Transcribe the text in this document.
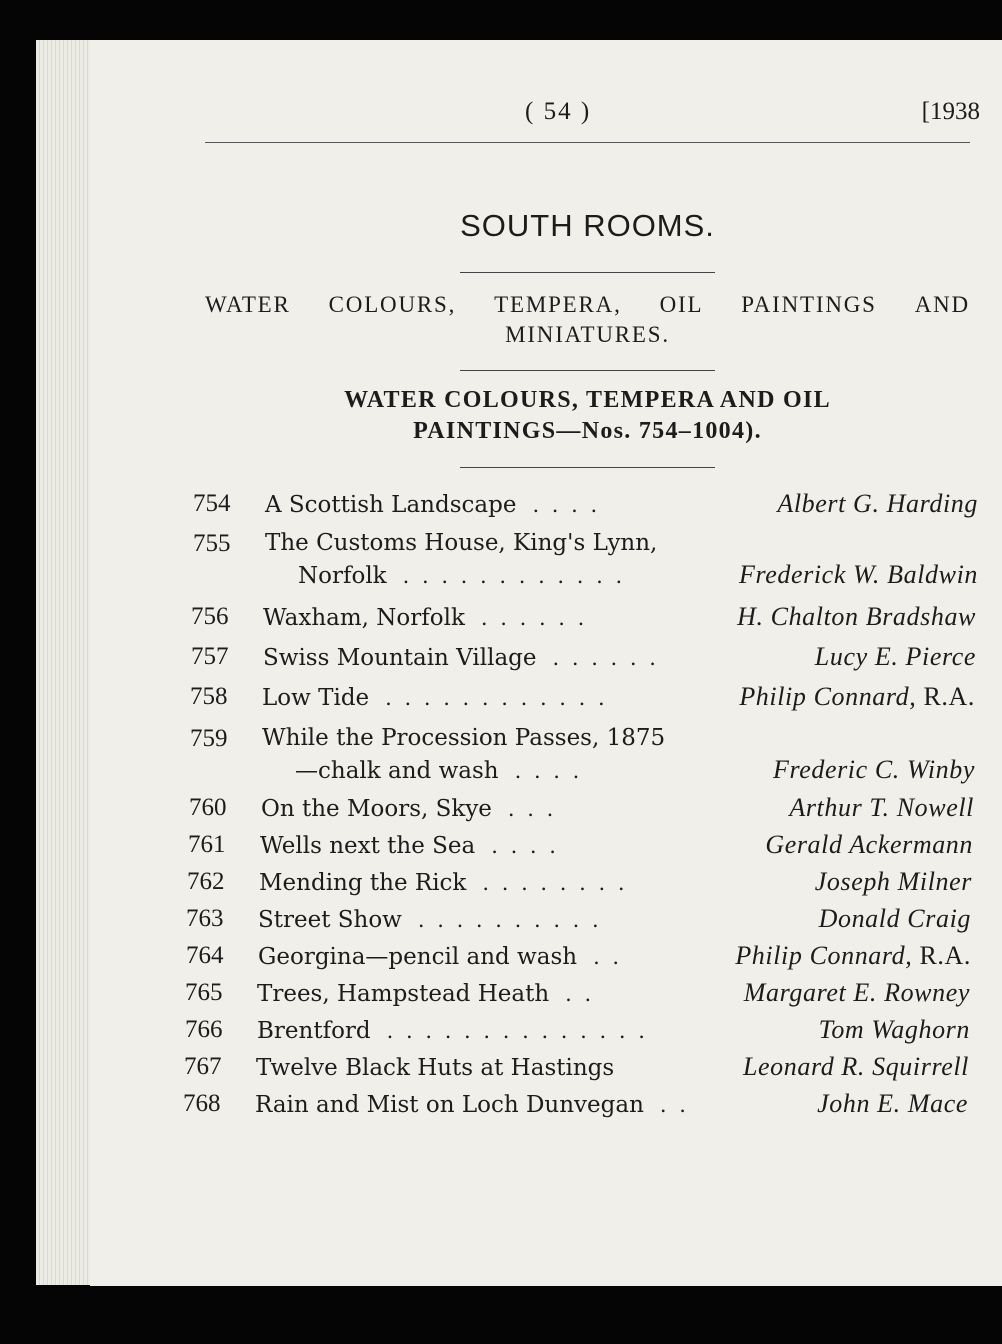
( 54 )	[1938
SOUTH ROOMS.
WATER COLOURS, TEMPERA, OIL PAINTINGS AND
MINIATURES.
WATER COLOURS, TEMPERA AND OIL
PAINTINGS—Nos. 754–1004).
754	A Scottish Landscape . . . .	Albert G. Harding
755	The Customs House, King's Lynn,
Norfolk . . . . . . . . . . . .	Frederick W. Baldwin
756	Waxham, Norfolk . . . . . .	H. Chalton Bradshaw
757	Swiss Mountain Village . . . . . .	Lucy E. Pierce
758	Low Tide . . . . . . . . . . . .	Philip Connard, R.A.
759	While the Procession Passes, 1875
—chalk and wash . . . .	Frederic C. Winby
760	On the Moors, Skye . . .	Arthur T. Nowell
761	Wells next the Sea . . . .	Gerald Ackermann
762	Mending the Rick . . . . . . . .	Joseph Milner
763	Street Show . . . . . . . . . .	Donald Craig
764	Georgina—pencil and wash . .	Philip Connard, R.A.
765	Trees, Hampstead Heath . .	Margaret E. Rowney
766	Brentford . . . . . . . . . . . . . .	Tom Waghorn
767	Twelve Black Huts at Hastings	Leonard R. Squirrell
768	Rain and Mist on Loch Dunvegan . .	John E. Mace
